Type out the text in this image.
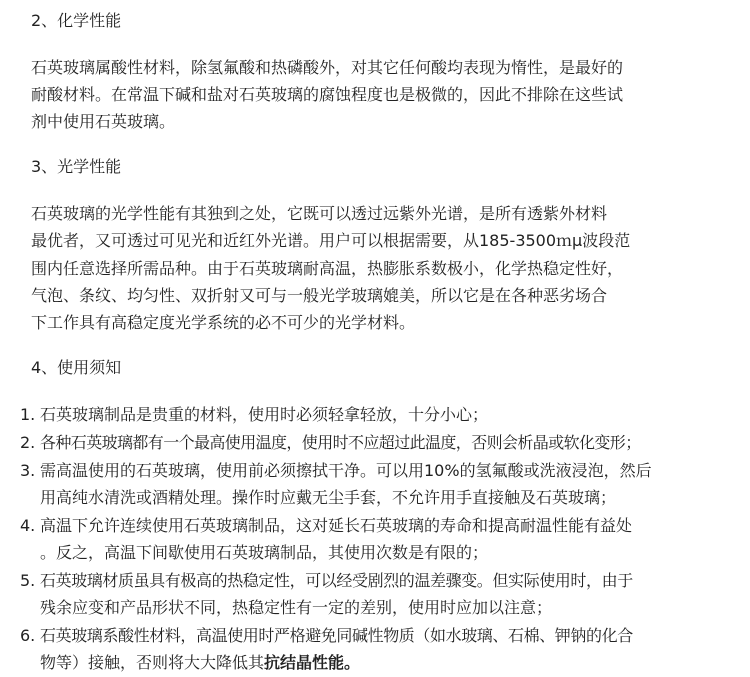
2、化学性能
石英玻璃属酸性材料，除氢氟酸和热磷酸外，对其它任何酸均表现为惰性，是最好的
耐酸材料。在常温下碱和盐对石英玻璃的腐蚀程度也是极微的，因此不排除在这些试
剂中使用石英玻璃。
3、光学性能
石英玻璃的光学性能有其独到之处，它既可以透过远紫外光谱，是所有透紫外材料
最优者，又可透过可见光和近红外光谱。用户可以根据需要，从185-3500ｍμ波段范
围内任意选择所需品种。由于石英玻璃耐高温，热膨胀系数极小，化学热稳定性好，
气泡、条纹、均匀性、双折射又可与一般光学玻璃媲美，所以它是在各种恶劣场合
下工作具有高稳定度光学系统的必不可少的光学材料。
4、使用须知
1. 石英玻璃制品是贵重的材料，使用时必须轻拿轻放，十分小心；
2. 各种石英玻璃都有一个最高使用温度，使用时不应超过此温度，否则会析晶或软化变形；
3. 需高温使用的石英玻璃，使用前必须擦拭干净。可以用10%的氢氟酸或洗液浸泡，然后
用高纯水清洗或酒精处理。操作时应戴无尘手套，不允许用手直接触及石英玻璃；
4. 高温下允许连续使用石英玻璃制品，这对延长石英玻璃的寿命和提高耐温性能有益处
。反之，高温下间歇使用石英玻璃制品，其使用次数是有限的；
5. 石英玻璃材质虽具有极高的热稳定性，可以经受剧烈的温差骤变。但实际使用时，由于
残余应变和产品形状不同，热稳定性有一定的差别，使用时应加以注意；
6. 石英玻璃系酸性材料，高温使用时严格避免同碱性物质（如水玻璃、石棉、钾钠的化合
物等）接触，否则将大大降低其抗结晶性能。
